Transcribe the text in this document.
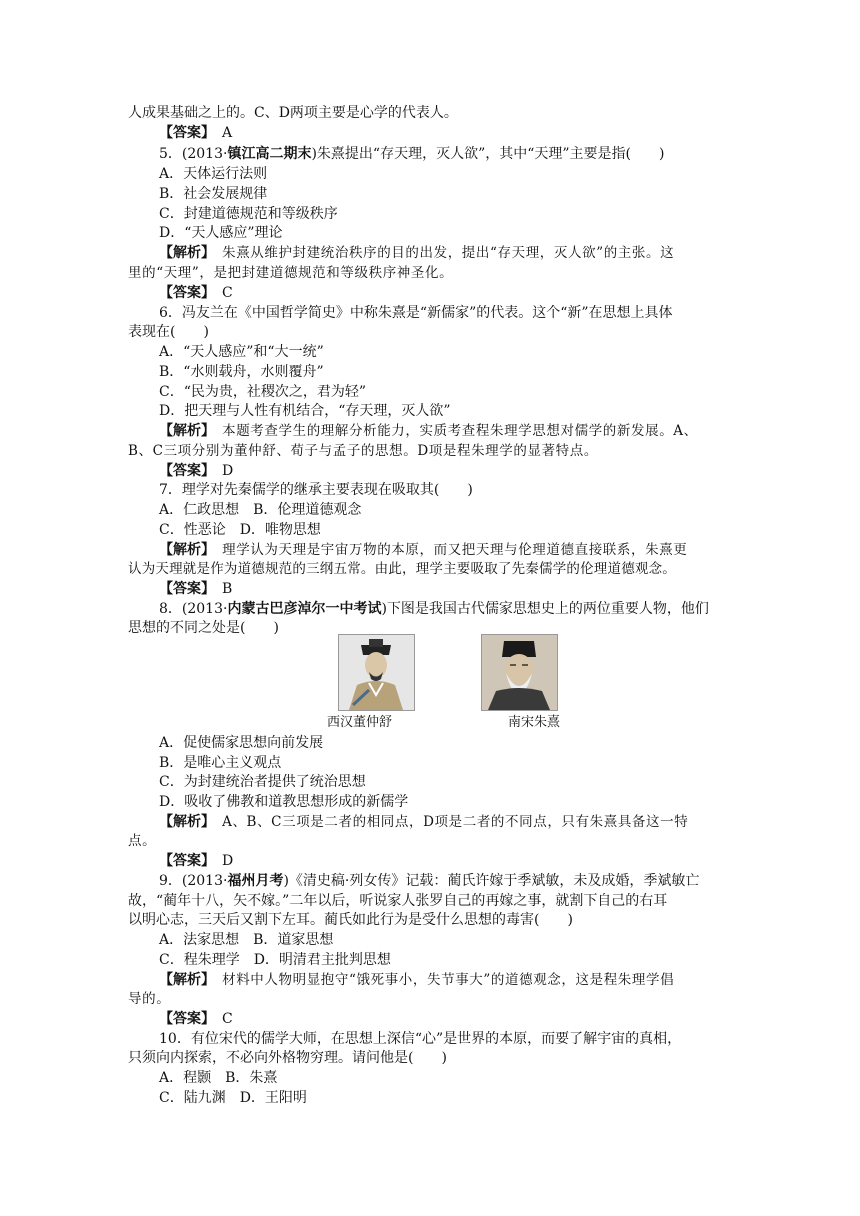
人成果基础之上的。C、D两项主要是心学的代表人。
【答案】　 A
5．(2013·镇江高二期末)朱熹提出“存天理，灭人欲”，其中“天理”主要是指(　　)
A．天体运行法则
B．社会发展规律
C．封建道德规范和等级秩序
D．“天人感应”理论
【解析】　朱熹从维护封建统治秩序的目的出发，提出“存天理，灭人欲”的主张。这
里的“天理”，是把封建道德规范和等级秩序神圣化。
【答案】　 C
6．冯友兰在《中国哲学简史》中称朱熹是“新儒家”的代表。这个“新”在思想上具体
表现在(　　)
A．“天人感应”和“大一统”
B．“水则载舟，水则覆舟”
C．“民为贵，社稷次之，君为轻”
D．把天理与人性有机结合，“存天理，灭人欲”
【解析】　本题考查学生的理解分析能力，实质考查程朱理学思想对儒学的新发展。A、
B、C三项分别为董仲舒、荀子与孟子的思想。D项是程朱理学的显著特点。
【答案】　 D
7．理学对先秦儒学的继承主要表现在吸取其(　　)
A．仁政思想　B．伦理道德观念
C．性恶论　D．唯物思想
【解析】　理学认为天理是宇宙万物的本原，而又把天理与伦理道德直接联系，朱熹更
认为天理就是作为道德规范的三纲五常。由此，理学主要吸取了先秦儒学的伦理道德观念。
【答案】　 B
8．(2013·内蒙古巴彦淖尔一中考试)下图是我国古代儒家思想史上的两位重要人物，他们
思想的不同之处是(　　)
西汉董仲舒	南宋朱熹
A．促使儒家思想向前发展
B．是唯心主义观点
C．为封建统治者提供了统治思想
D．吸收了佛教和道教思想形成的新儒学
【解析】　A、B、C三项是二者的相同点，D项是二者的不同点，只有朱熹具备这一特
点。
【答案】　 D
9．(2013·福州月考)《清史稿·列女传》记载：蔺氏许嫁于季斌敏，未及成婚，季斌敏亡
故，“蔺年十八，矢不嫁。”二年以后，听说家人张罗自己的再嫁之事，就割下自己的右耳
以明心志，三天后又割下左耳。蔺氏如此行为是受什么思想的毒害(　　)
A．法家思想　B．道家思想
C．程朱理学　D．明清君主批判思想
【解析】　材料中人物明显抱守“饿死事小，失节事大”的道德观念，这是程朱理学倡
导的。
【答案】　 C
10．有位宋代的儒学大师，在思想上深信“心”是世界的本原，而要了解宇宙的真相，
只须向内探索，不必向外格物穷理。请问他是(　　)
A．程颢　B．朱熹
C．陆九渊　D．王阳明
